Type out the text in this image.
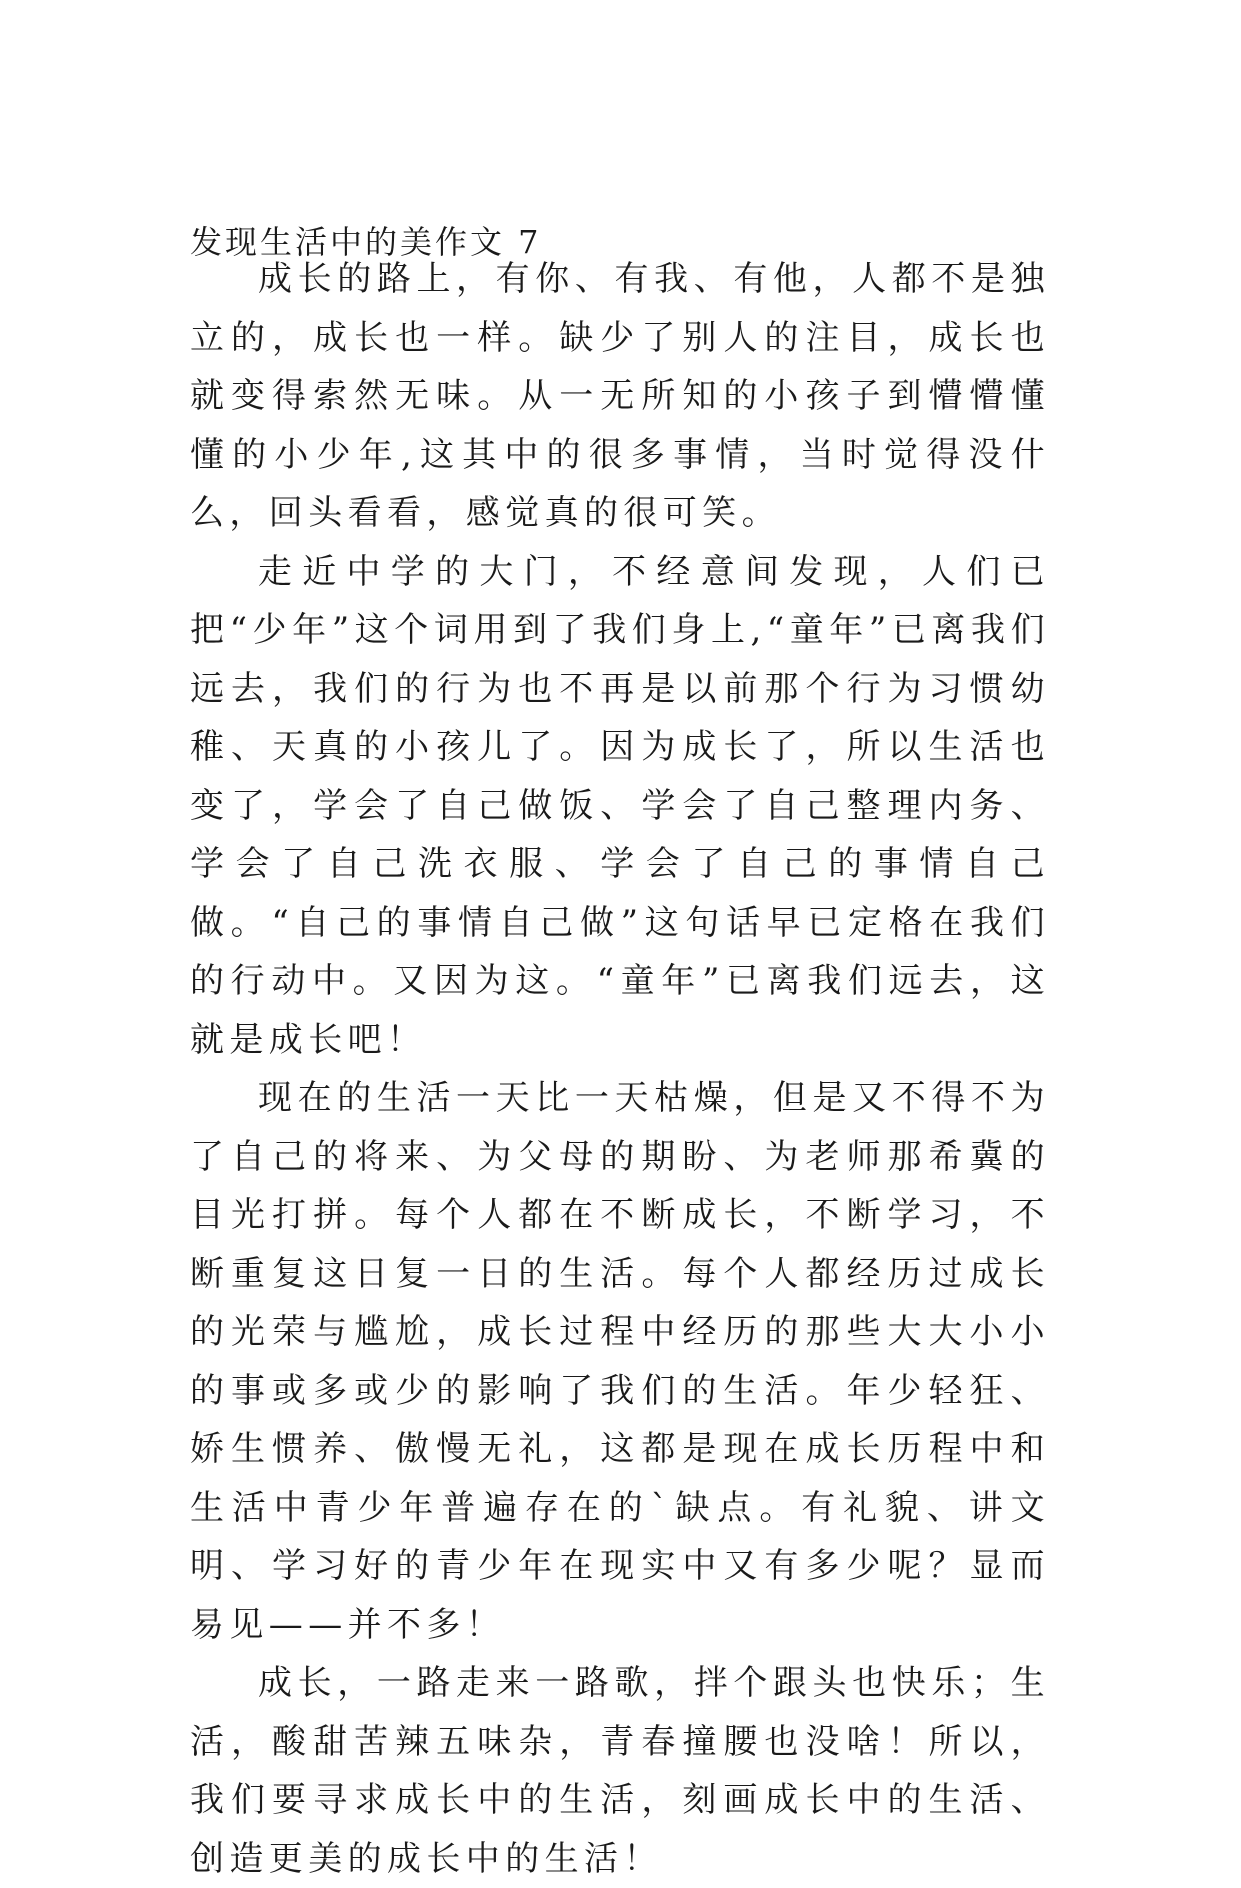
发现生活中的美作文 7

成长的路上，有你、有我、有他，人都不是独立的，成长也一样。缺少了别人的注目，成长也就变得索然无味。从一无所知的小孩子到懵懵懂懂的小少年,这其中的很多事情，当时觉得没什么，回头看看，感觉真的很可笑。

走近中学的大门，不经意间发现，人们已把“少年”这个词用到了我们身上,“童年”已离我们远去，我们的行为也不再是以前那个行为习惯幼稚、天真的小孩儿了。因为成长了，所以生活也变了，学会了自己做饭、学会了自己整理内务、学会了自己洗衣服、学会了自己的事情自己做。“自己的事情自己做”这句话早已定格在我们的行动中。又因为这。“童年”已离我们远去，这就是成长吧！

现在的生活一天比一天枯燥，但是又不得不为了自己的将来、为父母的期盼、为老师那希冀的目光打拼。每个人都在不断成长，不断学习，不断重复这日复一日的生活。每个人都经历过成长的光荣与尴尬，成长过程中经历的那些大大小小的事或多或少的影响了我们的生活。年少轻狂、娇生惯养、傲慢无礼，这都是现在成长历程中和生活中青少年普遍存在的`缺点。有礼貌、讲文明、学习好的青少年在现实中又有多少呢？显而易见——并不多！

成长，一路走来一路歌，拌个跟头也快乐；生活，酸甜苦辣五味杂，青春撞腰也没啥！所以，我们要寻求成长中的生活，刻画成长中的生活、创造更美的成长中的生活！
